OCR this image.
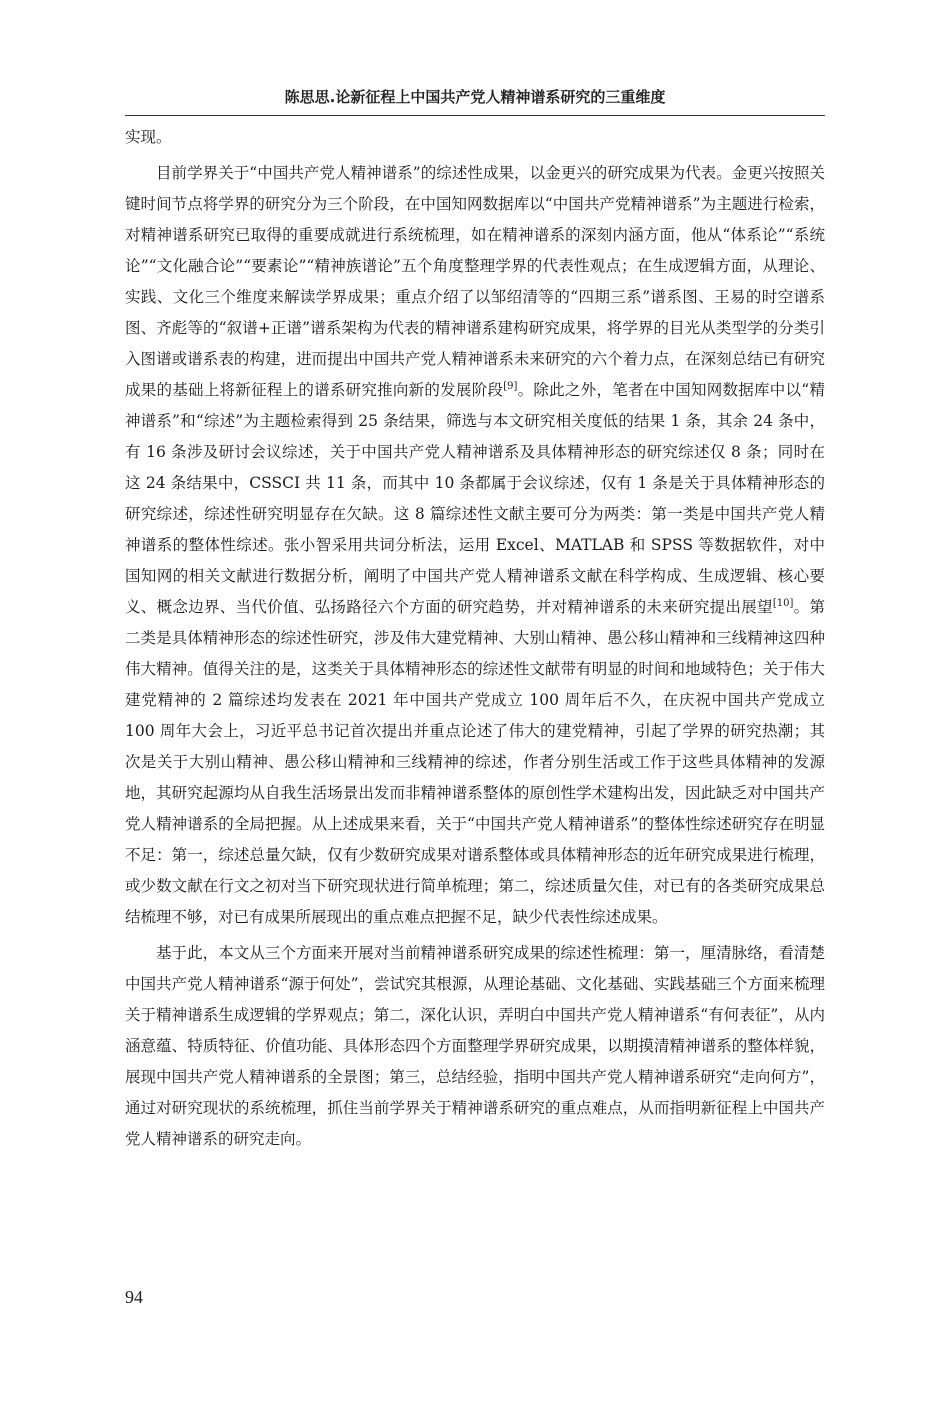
陈思思.论新征程上中国共产党人精神谱系研究的三重维度

实现。

目前学界关于“中国共产党人精神谱系”的综述性成果，以金更兴的研究成果为代表。金更兴按照关键时间节点将学界的研究分为三个阶段，在中国知网数据库以“中国共产党精神谱系”为主题进行检索，对精神谱系研究已取得的重要成就进行系统梳理，如在精神谱系的深刻内涵方面，他从“体系论”“系统论”“文化融合论”“要素论”“精神族谱论”五个角度整理学界的代表性观点；在生成逻辑方面，从理论、实践、文化三个维度来解读学界成果；重点介绍了以邹绍清等的“四期三系”谱系图、王易的时空谱系图、齐彪等的“叙谱+正谱”谱系架构为代表的精神谱系建构研究成果，将学界的目光从类型学的分类引入图谱或谱系表的构建，进而提出中国共产党人精神谱系未来研究的六个着力点，在深刻总结已有研究成果的基础上将新征程上的谱系研究推向新的发展阶段[9]。除此之外，笔者在中国知网数据库中以“精神谱系”和“综述”为主题检索得到 25 条结果，筛选与本文研究相关度低的结果 1 条，其余 24 条中，有 16 条涉及研讨会议综述，关于中国共产党人精神谱系及具体精神形态的研究综述仅 8 条；同时在这 24 条结果中，CSSCI 共 11 条，而其中 10 条都属于会议综述，仅有 1 条是关于具体精神形态的研究综述，综述性研究明显存在欠缺。这 8 篇综述性文献主要可分为两类：第一类是中国共产党人精神谱系的整体性综述。张小智采用共词分析法，运用 Excel、MATLAB 和 SPSS 等数据软件，对中国知网的相关文献进行数据分析，阐明了中国共产党人精神谱系文献在科学构成、生成逻辑、核心要义、概念边界、当代价值、弘扬路径六个方面的研究趋势，并对精神谱系的未来研究提出展望[10]。第二类是具体精神形态的综述性研究，涉及伟大建党精神、大别山精神、愚公移山精神和三线精神这四种伟大精神。值得关注的是，这类关于具体精神形态的综述性文献带有明显的时间和地域特色；关于伟大建党精神的 2 篇综述均发表在 2021 年中国共产党成立 100 周年后不久，在庆祝中国共产党成立 100 周年大会上，习近平总书记首次提出并重点论述了伟大的建党精神，引起了学界的研究热潮；其次是关于大别山精神、愚公移山精神和三线精神的综述，作者分别生活或工作于这些具体精神的发源地，其研究起源均从自我生活场景出发而非精神谱系整体的原创性学术建构出发，因此缺乏对中国共产党人精神谱系的全局把握。从上述成果来看，关于“中国共产党人精神谱系”的整体性综述研究存在明显不足：第一，综述总量欠缺，仅有少数研究成果对谱系整体或具体精神形态的近年研究成果进行梳理，或少数文献在行文之初对当下研究现状进行简单梳理；第二，综述质量欠佳，对已有的各类研究成果总结梳理不够，对已有成果所展现出的重点难点把握不足，缺少代表性综述成果。

基于此，本文从三个方面来开展对当前精神谱系研究成果的综述性梳理：第一，厘清脉络，看清楚中国共产党人精神谱系“源于何处”，尝试究其根源，从理论基础、文化基础、实践基础三个方面来梳理关于精神谱系生成逻辑的学界观点；第二，深化认识，弄明白中国共产党人精神谱系“有何表征”，从内涵意蕴、特质特征、价值功能、具体形态四个方面整理学界研究成果，以期摸清精神谱系的整体样貌，展现中国共产党人精神谱系的全景图；第三，总结经验，指明中国共产党人精神谱系研究“走向何方”，通过对研究现状的系统梳理，抓住当前学界关于精神谱系研究的重点难点，从而指明新征程上中国共产党人精神谱系的研究走向。

94
